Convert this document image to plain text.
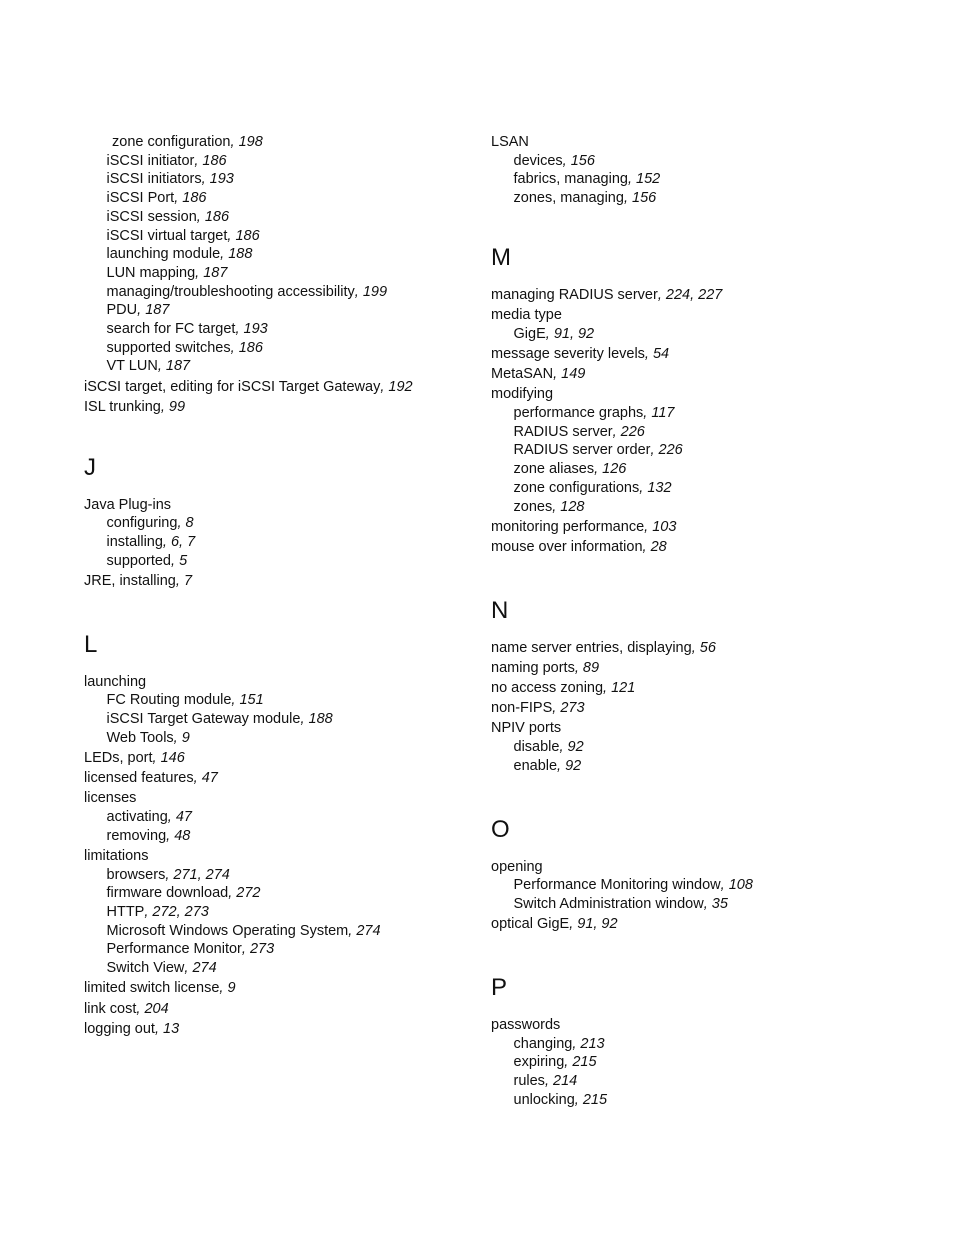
zone configuration, 198
iSCSI initiator, 186
iSCSI initiators, 193
iSCSI Port, 186
iSCSI session, 186
iSCSI virtual target, 186
launching module, 188
LUN mapping, 187
managing/troubleshooting accessibility, 199
PDU, 187
search for FC target, 193
supported switches, 186
VT LUN, 187
iSCSI target, editing for iSCSI Target Gateway, 192
ISL trunking, 99
J
Java Plug-ins
configuring, 8
installing, 6, 7
supported, 5
JRE, installing, 7
L
launching
FC Routing module, 151
iSCSI Target Gateway module, 188
Web Tools, 9
LEDs, port, 146
licensed features, 47
licenses
activating, 47
removing, 48
limitations
browsers, 271, 274
firmware download, 272
HTTP, 272, 273
Microsoft Windows Operating System, 274
Performance Monitor, 273
Switch View, 274
limited switch license, 9
link cost, 204
logging out, 13
LSAN
devices, 156
fabrics, managing, 152
zones, managing, 156
M
managing RADIUS server, 224, 227
media type
GigE, 91, 92
message severity levels, 54
MetaSAN, 149
modifying
performance graphs, 117
RADIUS server, 226
RADIUS server order, 226
zone aliases, 126
zone configurations, 132
zones, 128
monitoring performance, 103
mouse over information, 28
N
name server entries, displaying, 56
naming ports, 89
no access zoning, 121
non-FIPS, 273
NPIV ports
disable, 92
enable, 92
O
opening
Performance Monitoring window, 108
Switch Administration window, 35
optical GigE, 91, 92
P
passwords
changing, 213
expiring, 215
rules, 214
unlocking, 215
